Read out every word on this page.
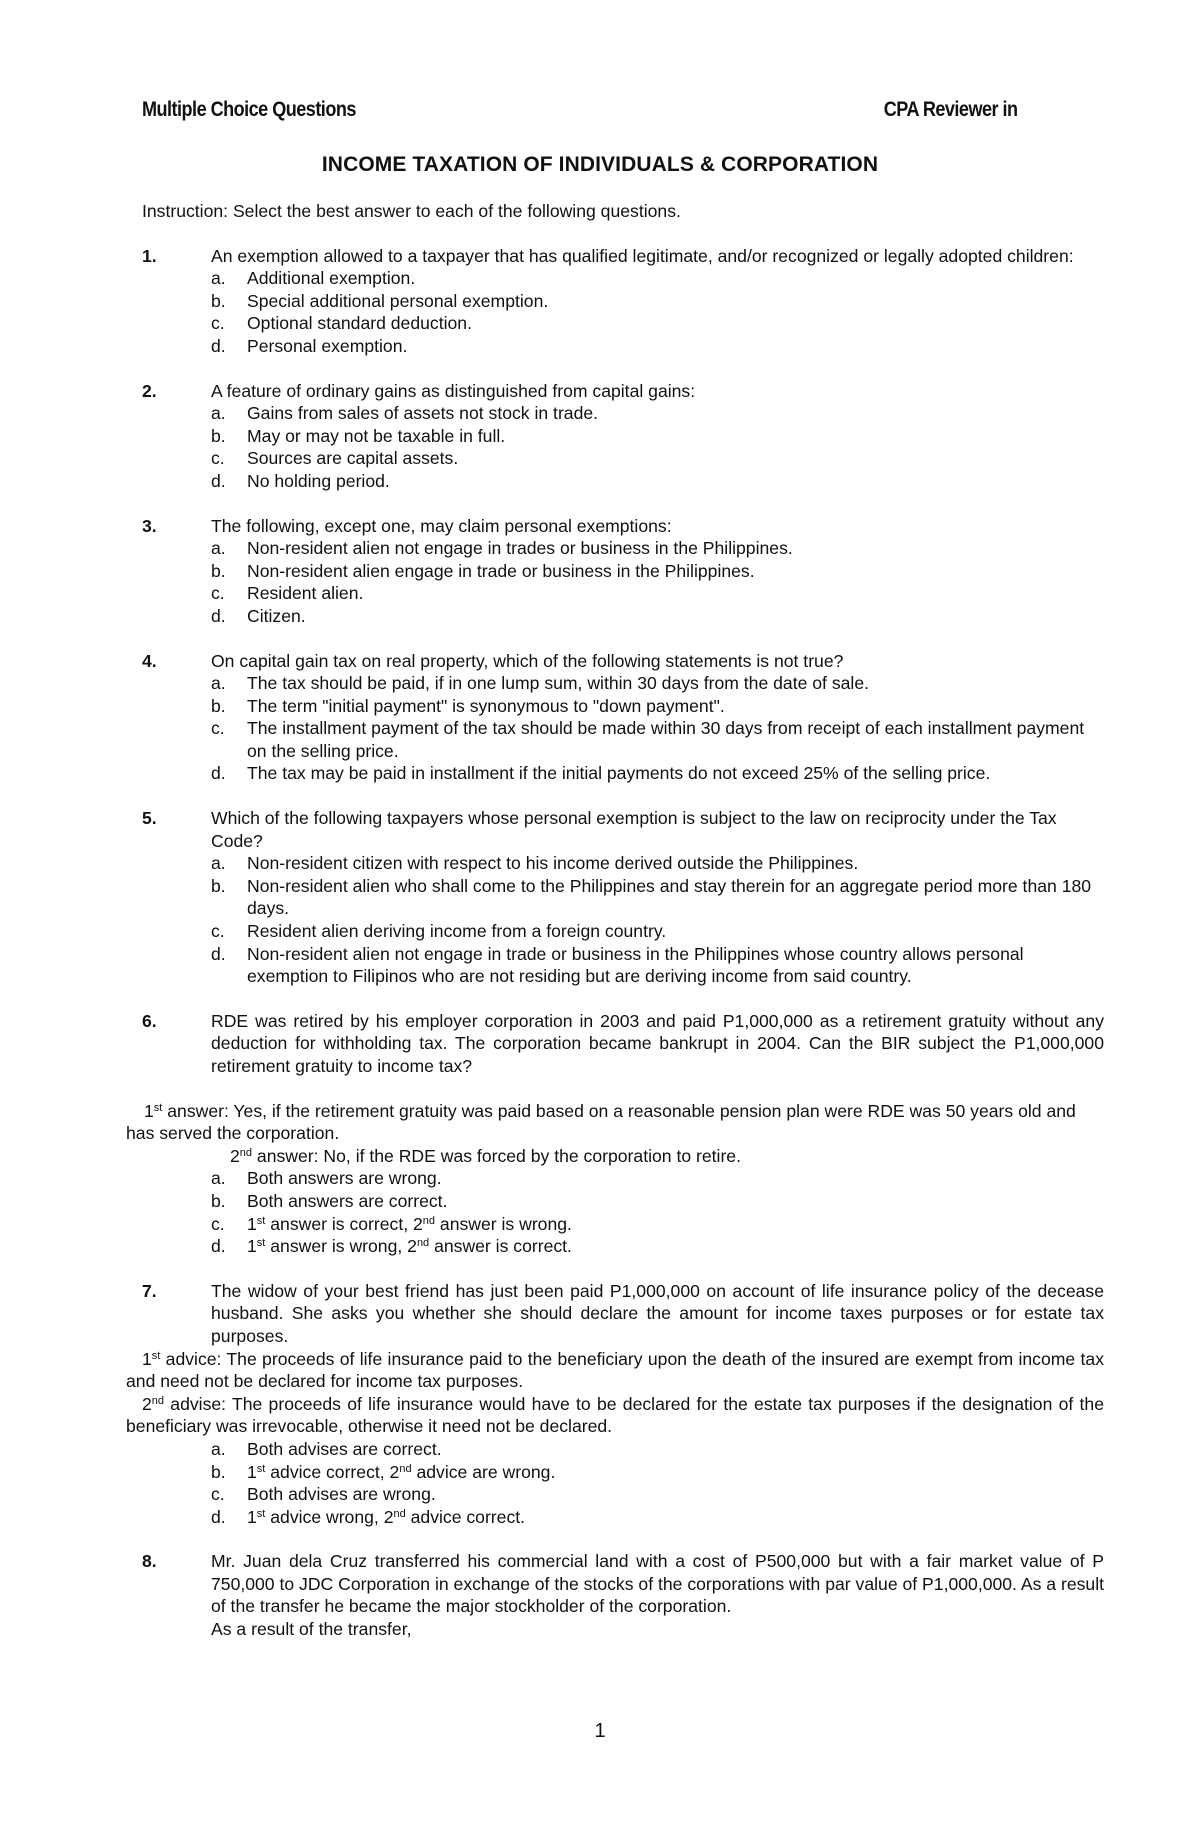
Multiple Choice Questions	CPA Reviewer in
INCOME TAXATION OF INDIVIDUALS & CORPORATION

Instruction: Select the best answer to each of the following questions.

1.	An exemption allowed to a taxpayer that has qualified legitimate, and/or recognized or legally adopted children:

a. Additional exemption.
b. Special additional personal exemption.
c. Optional standard deduction.
d. Personal exemption.
2.	A feature of ordinary gains as distinguished from capital gains:

a. Gains from sales of assets not stock in trade.
b. May or may not be taxable in full.
c. Sources are capital assets.
d. No holding period.
3.	The following, except one, may claim personal exemptions:

a. Non-resident alien not engage in trades or business in the Philippines.
b. Non-resident alien engage in trade or business in the Philippines.
c. Resident alien.
d. Citizen.
4.	On capital gain tax on real property, which of the following statements is not true?

a. The tax should be paid, if in one lump sum, within 30 days from the date of sale.
b. The term "initial payment" is synonymous to "down payment".
c. The installment payment of the tax should be made within 30 days from receipt of each installment payment on the selling price.
d. The tax may be paid in installment if the initial payments do not exceed 25% of the selling price.
5.	Which of the following taxpayers whose personal exemption is subject to the law on reciprocity under the Tax Code?

a. Non-resident citizen with respect to his income derived outside the Philippines.
b. Non-resident alien who shall come to the Philippines and stay therein for an aggregate period more than 180 days.
c. Resident alien deriving income from a foreign country.
d. Non-resident alien not engage in trade or business in the Philippines whose country allows personal exemption to Filipinos who are not residing but are deriving income from said country.
6.	RDE was retired by his employer corporation in 2003 and paid P1,000,000 as a retirement gratuity without any deduction for withholding tax. The corporation became bankrupt in 2004. Can the BIR subject the P1,000,000 retirement gratuity to income tax?

1st answer: Yes, if the retirement gratuity was paid based on a reasonable pension plan were RDE was 50 years old and has served the corporation.

2nd answer: No, if the RDE was forced by the corporation to retire.

a. Both answers are wrong.
b. Both answers are correct.
c. 1st answer is correct, 2nd answer is wrong.
d. 1st answer is wrong, 2nd answer is correct.
7.	The widow of your best friend has just been paid P1,000,000 on account of life insurance policy of the decease husband. She asks you whether she should declare the amount for income taxes purposes or for estate tax purposes.

1st advice: The proceeds of life insurance paid to the beneficiary upon the death of the insured are exempt from income tax and need not be declared for income tax purposes.

2nd advise: The proceeds of life insurance would have to be declared for the estate tax purposes if the designation of the beneficiary was irrevocable, otherwise it need not be declared.

a. Both advises are correct.
b. 1st advice correct, 2nd advice are wrong.
c. Both advises are wrong.
d. 1st advice wrong, 2nd advice correct.
8.	Mr. Juan dela Cruz transferred his commercial land with a cost of P500,000 but with a fair market value of P 750,000 to JDC Corporation in exchange of the stocks of the corporations with par value of P1,000,000. As a result of the transfer he became the major stockholder of the corporation.

As a result of the transfer,

1
